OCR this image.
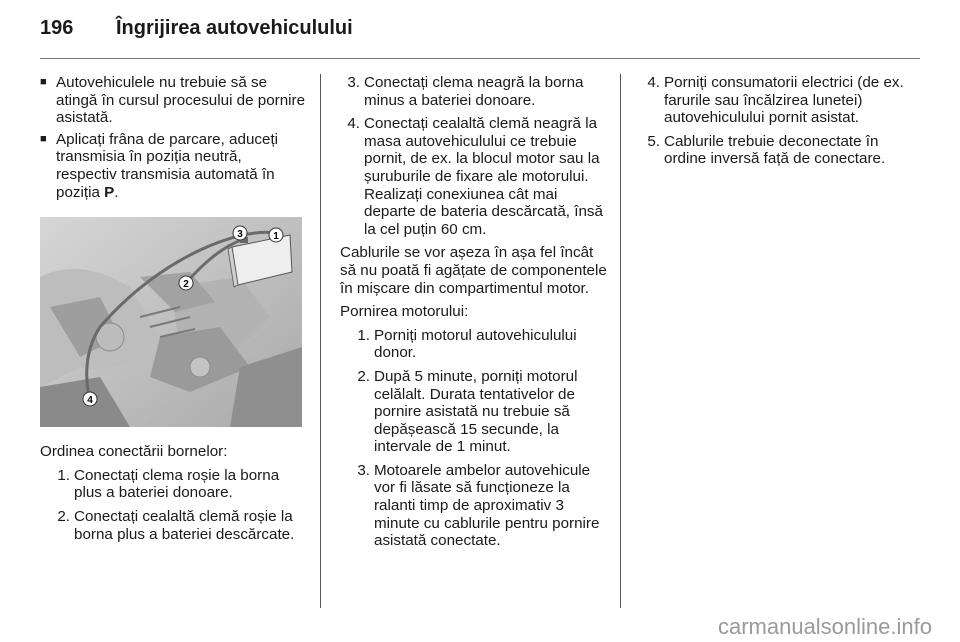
196	Îngrijirea autovehiculului
■ Autovehiculele nu trebuie să se atingă în cursul procesului de pornire asistată.
■ Aplicați frâna de parcare, aduceți transmisia în poziția neutră, respectiv transmisia automată în poziția P.
1
3
2
4
Ordinea conectării bornelor:
1. Conectați clema roșie la borna plus a bateriei donoare.
2. Conectați cealaltă clemă roșie la borna plus a bateriei descărcate.
3. Conectați clema neagră la borna minus a bateriei donoare.
4. Conectați cealaltă clemă neagră la masa autovehiculului ce trebuie pornit, de ex. la blocul motor sau la șuruburile de fixare ale motorului. Realizați conexiunea cât mai departe de bateria descărcată, însă la cel puțin 60 cm.
Cablurile se vor așeza în așa fel încât să nu poată fi agățate de componentele în mișcare din compartimentul motor.
Pornirea motorului:
1. Porniți motorul autovehiculului donor.
2. După 5 minute, porniți motorul celălalt. Durata tentativelor de pornire asistată nu trebuie să depășească 15 secunde, la intervale de 1 minut.
3. Motoarele ambelor autovehicule vor fi lăsate să funcționeze la ralanti timp de aproximativ 3 minute cu cablurile pentru pornire asistată conectate.
4. Porniți consumatorii electrici (de ex. farurile sau încălzirea lunetei) autovehiculului pornit asistat.
5. Cablurile trebuie deconectate în ordine inversă față de conectare.
carmanualsonline.info
